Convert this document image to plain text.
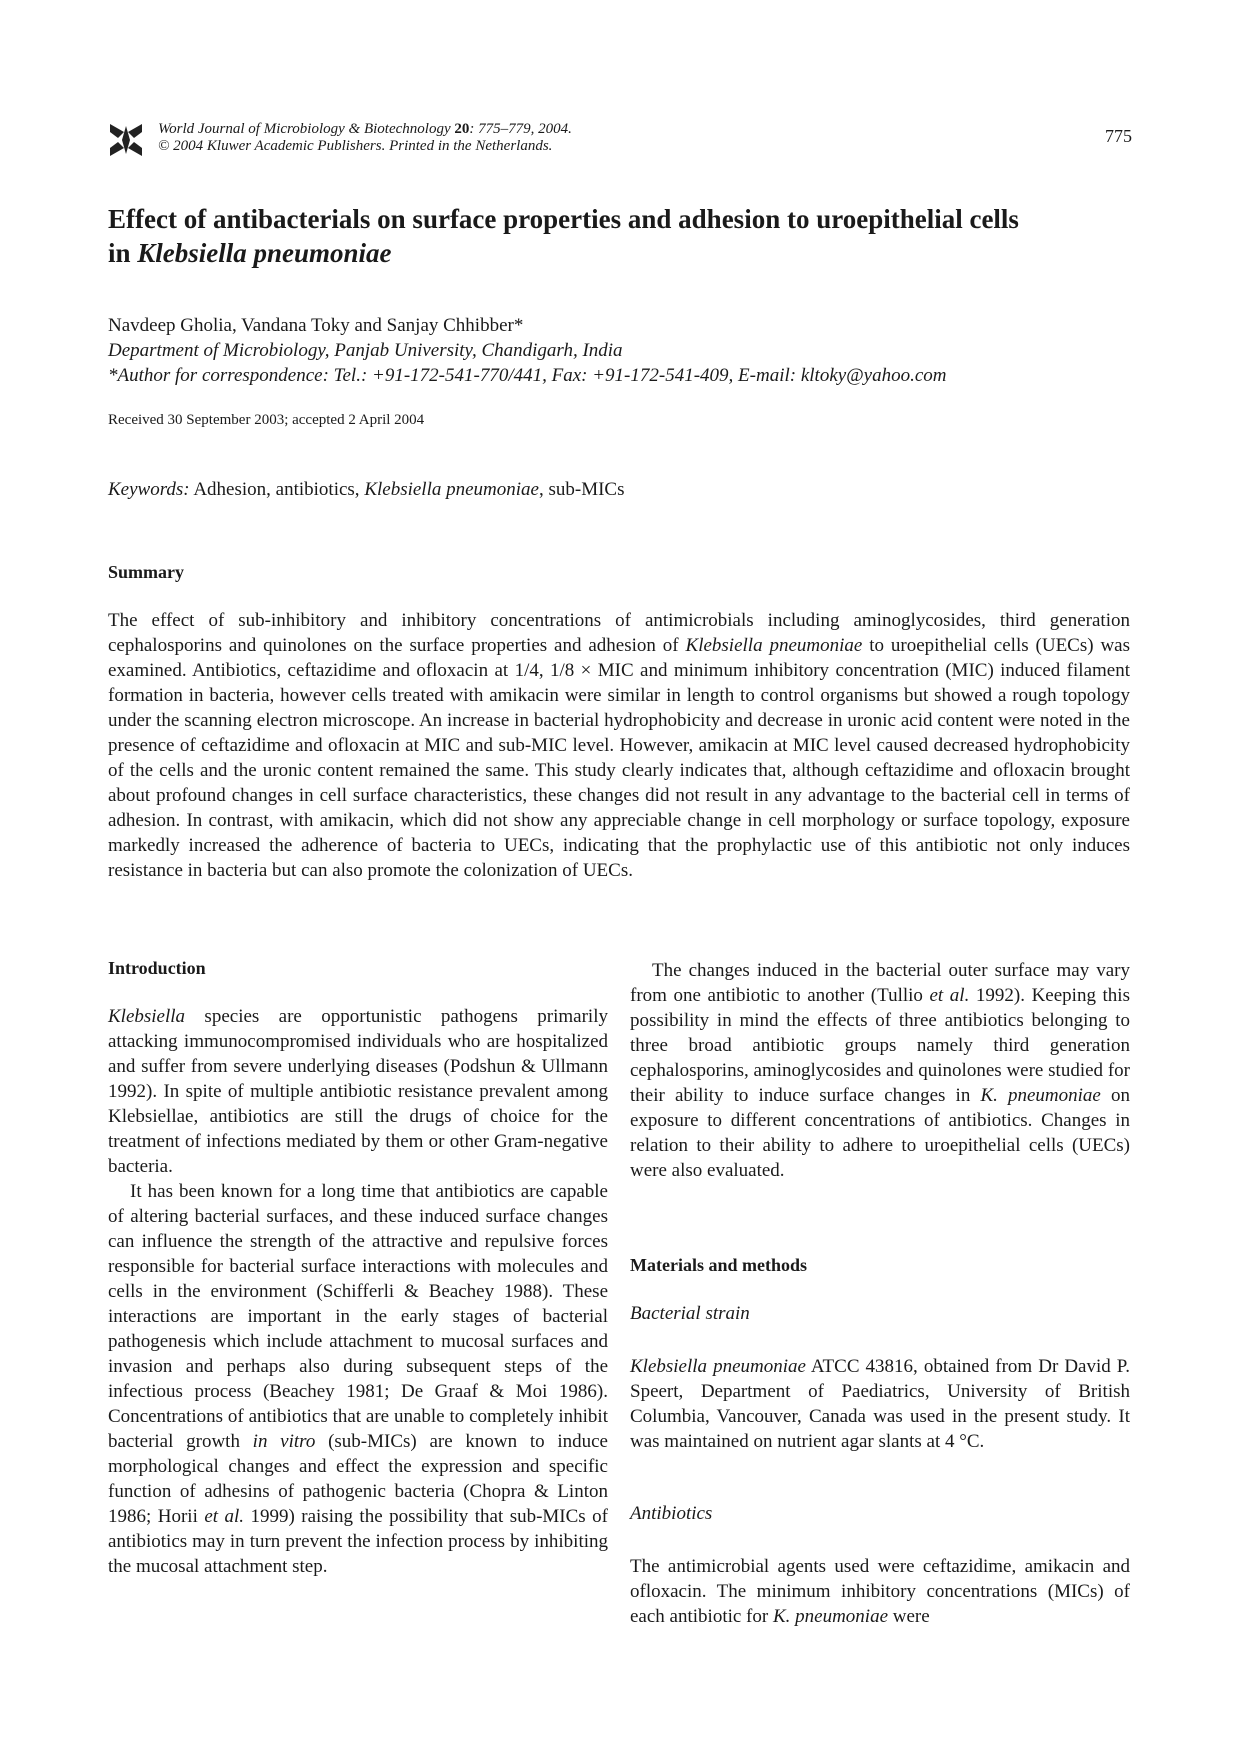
World Journal of Microbiology & Biotechnology 20: 775–779, 2004.
© 2004 Kluwer Academic Publishers. Printed in the Netherlands.	775
Effect of antibacterials on surface properties and adhesion to uroepithelial cells
in Klebsiella pneumoniae
Navdeep Gholia, Vandana Toky and Sanjay Chhibber*
Department of Microbiology, Panjab University, Chandigarh, India
*Author for correspondence: Tel.: +91-172-541-770/441, Fax: +91-172-541-409, E-mail: kltoky@yahoo.com
Received 30 September 2003; accepted 2 April 2004
Keywords: Adhesion, antibiotics, Klebsiella pneumoniae, sub-MICs
Summary
The effect of sub-inhibitory and inhibitory concentrations of antimicrobials including aminoglycosides, third generation cephalosporins and quinolones on the surface properties and adhesion of Klebsiella pneumoniae to uroepithelial cells (UECs) was examined. Antibiotics, ceftazidime and ofloxacin at 1/4, 1/8 × MIC and minimum inhibitory concentration (MIC) induced filament formation in bacteria, however cells treated with amikacin were similar in length to control organisms but showed a rough topology under the scanning electron microscope. An increase in bacterial hydrophobicity and decrease in uronic acid content were noted in the presence of ceftazidime and ofloxacin at MIC and sub-MIC level. However, amikacin at MIC level caused decreased hydrophobicity of the cells and the uronic content remained the same. This study clearly indicates that, although ceftazidime and ofloxacin brought about profound changes in cell surface characteristics, these changes did not result in any advantage to the bacterial cell in terms of adhesion. In contrast, with amikacin, which did not show any appreciable change in cell morphology or surface topology, exposure markedly increased the adherence of bacteria to UECs, indicating that the prophylactic use of this antibiotic not only induces resistance in bacteria but can also promote the colonization of UECs.
Introduction

Klebsiella species are opportunistic pathogens primarily attacking immunocompromised individuals who are hospitalized and suffer from severe underlying diseases (Podshun & Ullmann 1992). In spite of multiple antibiotic resistance prevalent among Klebsiellae, antibiotics are still the drugs of choice for the treatment of infections mediated by them or other Gram-negative bacteria.

It has been known for a long time that antibiotics are capable of altering bacterial surfaces, and these induced surface changes can influence the strength of the attractive and repulsive forces responsible for bacterial surface interactions with molecules and cells in the environment (Schifferli & Beachey 1988). These interactions are important in the early stages of bacterial pathogenesis which include attachment to mucosal surfaces and invasion and perhaps also during subsequent steps of the infectious process (Beachey 1981; De Graaf & Moi 1986). Concentrations of antibiotics that are unable to completely inhibit bacterial growth in vitro (sub-MICs) are known to induce morphological changes and effect the expression and specific function of adhesins of pathogenic bacteria (Chopra & Linton 1986; Horii et al. 1999) raising the possibility that sub-MICs of antibiotics may in turn prevent the infection process by inhibiting the mucosal attachment step.

The changes induced in the bacterial outer surface may vary from one antibiotic to another (Tullio et al. 1992). Keeping this possibility in mind the effects of three antibiotics belonging to three broad antibiotic groups namely third generation cephalosporins, aminoglycosides and quinolones were studied for their ability to induce surface changes in K. pneumoniae on exposure to different concentrations of antibiotics. Changes in relation to their ability to adhere to uroepithelial cells (UECs) were also evaluated.

Materials and methods
Bacterial strain

Klebsiella pneumoniae ATCC 43816, obtained from Dr David P. Speert, Department of Paediatrics, University of British Columbia, Vancouver, Canada was used in the present study. It was maintained on nutrient agar slants at 4 °C.

Antibiotics

The antimicrobial agents used were ceftazidime, amikacin and ofloxacin. The minimum inhibitory concentrations (MICs) of each antibiotic for K. pneumoniae were
